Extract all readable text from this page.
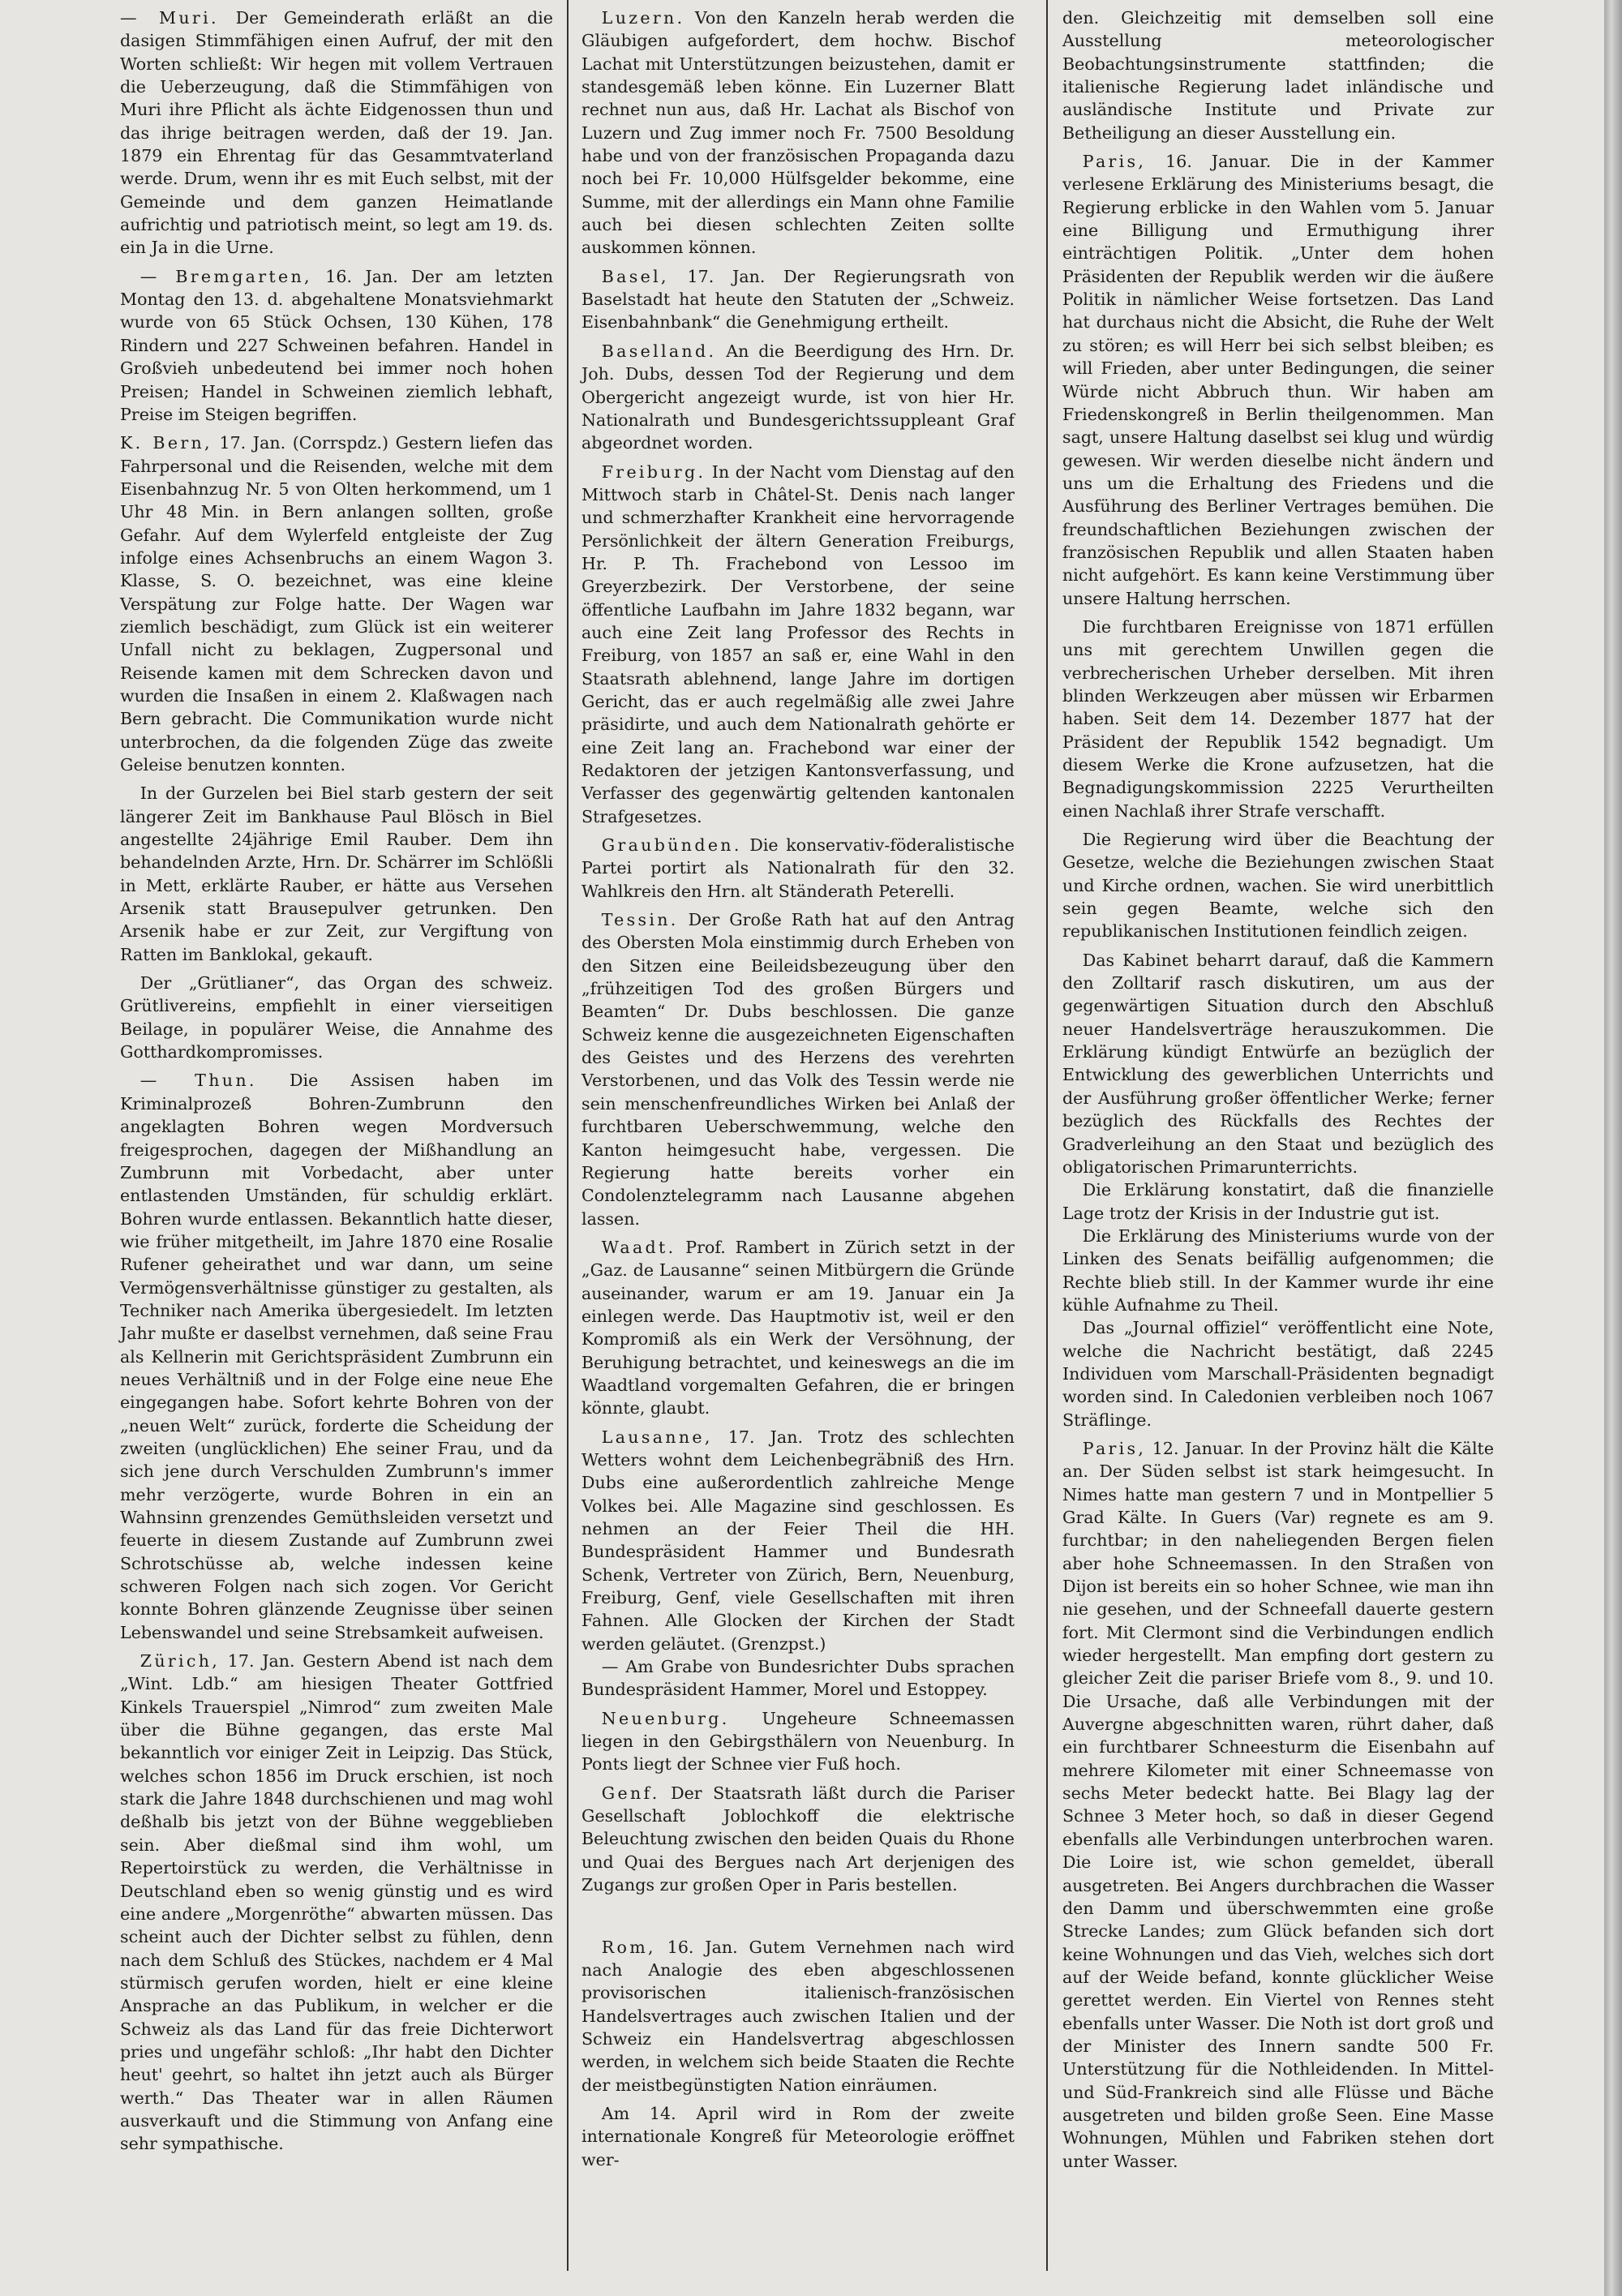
— Muri. Der Gemeinderath erläßt an die dasigen Stimmfähigen einen Aufruf, der mit den Worten schließt: Wir hegen mit vollem Vertrauen die Ueberzeugung, daß die Stimmfähigen von Muri ihre Pflicht als ächte Eidgenossen thun und das ihrige beitragen werden, daß der 19. Jan. 1879 ein Ehrentag für das Gesammtvaterland werde. Drum, wenn ihr es mit Euch selbst, mit der Gemeinde und dem ganzen Heimatlande aufrichtig und patriotisch meint, so legt am 19. ds. ein Ja in die Urne.

— Bremgarten, 16. Jan. Der am letzten Montag den 13. d. abgehaltene Monatsviehmarkt wurde von 65 Stück Ochsen, 130 Kühen, 178 Rindern und 227 Schweinen befahren. Handel in Großvieh unbedeutend bei immer noch hohen Preisen; Handel in Schweinen ziemlich lebhaft, Preise im Steigen begriffen.

K. Bern, 17. Jan. (Corrspdz.) Gestern liefen das Fahrpersonal und die Reisenden, welche mit dem Eisenbahnzug Nr. 5 von Olten herkommend, um 1 Uhr 48 Min. in Bern anlangen sollten, große Gefahr. Auf dem Wylerfeld entgleiste der Zug infolge eines Achsenbruchs an einem Wagon 3. Klasse, S. O. bezeichnet, was eine kleine Verspätung zur Folge hatte. Der Wagen war ziemlich beschädigt, zum Glück ist ein weiterer Unfall nicht zu beklagen, Zugpersonal und Reisende kamen mit dem Schrecken davon und wurden die Insaßen in einem 2. Klaßwagen nach Bern gebracht. Die Communikation wurde nicht unterbrochen, da die folgenden Züge das zweite Geleise benutzen konnten.

In der Gurzelen bei Biel starb gestern der seit längerer Zeit im Bankhause Paul Blösch in Biel angestellte 24jährige Emil Rauber. Dem ihn behandelnden Arzte, Hrn. Dr. Schärrer im Schlößli in Mett, erklärte Rauber, er hätte aus Versehen Arsenik statt Brausepulver getrunken. Den Arsenik habe er zur Zeit, zur Vergiftung von Ratten im Banklokal, gekauft.

Der „Grütlianer“, das Organ des schweiz. Grütlivereins, empfiehlt in einer vierseitigen Beilage, in populärer Weise, die Annahme des Gotthardkompromisses.

— Thun. Die Assisen haben im Kriminalprozeß Bohren-Zumbrunn den angeklagten Bohren wegen Mordversuch freigesprochen, dagegen der Mißhandlung an Zumbrunn mit Vorbedacht, aber unter entlastenden Umständen, für schuldig erklärt. Bohren wurde entlassen. Bekanntlich hatte dieser, wie früher mitgetheilt, im Jahre 1870 eine Rosalie Rufener geheirathet und war dann, um seine Vermögensverhältnisse günstiger zu gestalten, als Techniker nach Amerika übergesiedelt. Im letzten Jahr mußte er daselbst vernehmen, daß seine Frau als Kellnerin mit Gerichtspräsident Zumbrunn ein neues Verhältniß und in der Folge eine neue Ehe eingegangen habe. Sofort kehrte Bohren von der „neuen Welt“ zurück, forderte die Scheidung der zweiten (unglücklichen) Ehe seiner Frau, und da sich jene durch Verschulden Zumbrunn's immer mehr verzögerte, wurde Bohren in ein an Wahnsinn grenzendes Gemüthsleiden versetzt und feuerte in diesem Zustande auf Zumbrunn zwei Schrotschüsse ab, welche indessen keine schweren Folgen nach sich zogen. Vor Gericht konnte Bohren glänzende Zeugnisse über seinen Lebenswandel und seine Strebsamkeit aufweisen.

Zürich, 17. Jan. Gestern Abend ist nach dem „Wint. Ldb.“ am hiesigen Theater Gottfried Kinkels Trauerspiel „Nimrod“ zum zweiten Male über die Bühne gegangen, das erste Mal bekanntlich vor einiger Zeit in Leipzig. Das Stück, welches schon 1856 im Druck erschien, ist noch stark die Jahre 1848 durchschienen und mag wohl deßhalb bis jetzt von der Bühne weggeblieben sein. Aber dießmal sind ihm wohl, um Repertoirstück zu werden, die Verhältnisse in Deutschland eben so wenig günstig und es wird eine andere „Morgenröthe“ abwarten müssen. Das scheint auch der Dichter selbst zu fühlen, denn nach dem Schluß des Stückes, nachdem er 4 Mal stürmisch gerufen worden, hielt er eine kleine Ansprache an das Publikum, in welcher er die Schweiz als das Land für das freie Dichterwort pries und ungefähr schloß: „Ihr habt den Dichter heut' geehrt, so haltet ihn jetzt auch als Bürger werth.“ Das Theater war in allen Räumen ausverkauft und die Stimmung von Anfang eine sehr sympathische.

Luzern. Von den Kanzeln herab werden die Gläubigen aufgefordert, dem hochw. Bischof Lachat mit Unterstützungen beizustehen, damit er standesgemäß leben könne. Ein Luzerner Blatt rechnet nun aus, daß Hr. Lachat als Bischof von Luzern und Zug immer noch Fr. 7500 Besoldung habe und von der französischen Propaganda dazu noch bei Fr. 10,000 Hülfsgelder bekomme, eine Summe, mit der allerdings ein Mann ohne Familie auch bei diesen schlechten Zeiten sollte auskommen können.

Basel, 17. Jan. Der Regierungsrath von Baselstadt hat heute den Statuten der „Schweiz. Eisenbahnbank“ die Genehmigung ertheilt.

Baselland. An die Beerdigung des Hrn. Dr. Joh. Dubs, dessen Tod der Regierung und dem Obergericht angezeigt wurde, ist von hier Hr. Nationalrath und Bundesgerichtssuppleant Graf abgeordnet worden.

Freiburg. In der Nacht vom Dienstag auf den Mittwoch starb in Châtel-St. Denis nach langer und schmerzhafter Krankheit eine hervorragende Persönlichkeit der ältern Generation Freiburgs, Hr. P. Th. Frachebond von Lessoo im Greyerzbezirk. Der Verstorbene, der seine öffentliche Laufbahn im Jahre 1832 begann, war auch eine Zeit lang Professor des Rechts in Freiburg, von 1857 an saß er, eine Wahl in den Staatsrath ablehnend, lange Jahre im dortigen Gericht, das er auch regelmäßig alle zwei Jahre präsidirte, und auch dem Nationalrath gehörte er eine Zeit lang an. Frachebond war einer der Redaktoren der jetzigen Kantonsverfassung, und Verfasser des gegenwärtig geltenden kantonalen Strafgesetzes.

Graubünden. Die konservativ-föderalistische Partei portirt als Nationalrath für den 32. Wahlkreis den Hrn. alt Ständerath Peterelli.

Tessin. Der Große Rath hat auf den Antrag des Obersten Mola einstimmig durch Erheben von den Sitzen eine Beileidsbezeugung über den „frühzeitigen Tod des großen Bürgers und Beamten“ Dr. Dubs beschlossen. Die ganze Schweiz kenne die ausgezeichneten Eigenschaften des Geistes und des Herzens des verehrten Verstorbenen, und das Volk des Tessin werde nie sein menschenfreundliches Wirken bei Anlaß der furchtbaren Ueberschwemmung, welche den Kanton heimgesucht habe, vergessen. Die Regierung hatte bereits vorher ein Condolenztelegramm nach Lausanne abgehen lassen.

Waadt. Prof. Rambert in Zürich setzt in der „Gaz. de Lausanne“ seinen Mitbürgern die Gründe auseinander, warum er am 19. Januar ein Ja einlegen werde. Das Hauptmotiv ist, weil er den Kompromiß als ein Werk der Versöhnung, der Beruhigung betrachtet, und keineswegs an die im Waadtland vorgemalten Gefahren, die er bringen könnte, glaubt.

Lausanne, 17. Jan. Trotz des schlechten Wetters wohnt dem Leichenbegräbniß des Hrn. Dubs eine außerordentlich zahlreiche Menge Volkes bei. Alle Magazine sind geschlossen. Es nehmen an der Feier Theil die HH. Bundespräsident Hammer und Bundesrath Schenk, Vertreter von Zürich, Bern, Neuenburg, Freiburg, Genf, viele Gesellschaften mit ihren Fahnen. Alle Glocken der Kirchen der Stadt werden geläutet. (Grenzpst.)

— Am Grabe von Bundesrichter Dubs sprachen Bundespräsident Hammer, Morel und Estoppey.

Neuenburg. Ungeheure Schneemassen liegen in den Gebirgsthälern von Neuenburg. In Ponts liegt der Schnee vier Fuß hoch.

Genf. Der Staatsrath läßt durch die Pariser Gesellschaft Joblochkoff die elektrische Beleuchtung zwischen den beiden Quais du Rhone und Quai des Bergues nach Art derjenigen des Zugangs zur großen Oper in Paris bestellen.

Rom, 16. Jan. Gutem Vernehmen nach wird nach Analogie des eben abgeschlossenen provisorischen italienisch-französischen Handelsvertrages auch zwischen Italien und der Schweiz ein Handelsvertrag abgeschlossen werden, in welchem sich beide Staaten die Rechte der meistbegünstigten Nation einräumen.

Am 14. April wird in Rom der zweite internationale Kongreß für Meteorologie eröffnet wer-

den. Gleichzeitig mit demselben soll eine Ausstellung meteorologischer Beobachtungsinstrumente stattfinden; die italienische Regierung ladet inländische und ausländische Institute und Private zur Betheiligung an dieser Ausstellung ein.

Paris, 16. Januar. Die in der Kammer verlesene Erklärung des Ministeriums besagt, die Regierung erblicke in den Wahlen vom 5. Januar eine Billigung und Ermuthigung ihrer einträchtigen Politik. „Unter dem hohen Präsidenten der Republik werden wir die äußere Politik in nämlicher Weise fortsetzen. Das Land hat durchaus nicht die Absicht, die Ruhe der Welt zu stören; es will Herr bei sich selbst bleiben; es will Frieden, aber unter Bedingungen, die seiner Würde nicht Abbruch thun. Wir haben am Friedenskongreß in Berlin theilgenommen. Man sagt, unsere Haltung daselbst sei klug und würdig gewesen. Wir werden dieselbe nicht ändern und uns um die Erhaltung des Friedens und die Ausführung des Berliner Vertrages bemühen. Die freundschaftlichen Beziehungen zwischen der französischen Republik und allen Staaten haben nicht aufgehört. Es kann keine Verstimmung über unsere Haltung herrschen.

Die furchtbaren Ereignisse von 1871 erfüllen uns mit gerechtem Unwillen gegen die verbrecherischen Urheber derselben. Mit ihren blinden Werkzeugen aber müssen wir Erbarmen haben. Seit dem 14. Dezember 1877 hat der Präsident der Republik 1542 begnadigt. Um diesem Werke die Krone aufzusetzen, hat die Begnadigungskommission 2225 Verurtheilten einen Nachlaß ihrer Strafe verschafft.

Die Regierung wird über die Beachtung der Gesetze, welche die Beziehungen zwischen Staat und Kirche ordnen, wachen. Sie wird unerbittlich sein gegen Beamte, welche sich den republikanischen Institutionen feindlich zeigen.

Das Kabinet beharrt darauf, daß die Kammern den Zolltarif rasch diskutiren, um aus der gegenwärtigen Situation durch den Abschluß neuer Handelsverträge herauszukommen. Die Erklärung kündigt Entwürfe an bezüglich der Entwicklung des gewerblichen Unterrichts und der Ausführung großer öffentlicher Werke; ferner bezüglich des Rückfalls des Rechtes der Gradverleihung an den Staat und bezüglich des obligatorischen Primarunterrichts.

Die Erklärung konstatirt, daß die finanzielle Lage trotz der Krisis in der Industrie gut ist.

Die Erklärung des Ministeriums wurde von der Linken des Senats beifällig aufgenommen; die Rechte blieb still. In der Kammer wurde ihr eine kühle Aufnahme zu Theil.

Das „Journal offiziel“ veröffentlicht eine Note, welche die Nachricht bestätigt, daß 2245 Individuen vom Marschall-Präsidenten begnadigt worden sind. In Caledonien verbleiben noch 1067 Sträflinge.

Paris, 12. Januar. In der Provinz hält die Kälte an. Der Süden selbst ist stark heimgesucht. In Nimes hatte man gestern 7 und in Montpellier 5 Grad Kälte. In Guers (Var) regnete es am 9. furchtbar; in den naheliegenden Bergen fielen aber hohe Schneemassen. In den Straßen von Dijon ist bereits ein so hoher Schnee, wie man ihn nie gesehen, und der Schneefall dauerte gestern fort. Mit Clermont sind die Verbindungen endlich wieder hergestellt. Man empfing dort gestern zu gleicher Zeit die pariser Briefe vom 8., 9. und 10. Die Ursache, daß alle Verbindungen mit der Auvergne abgeschnitten waren, rührt daher, daß ein furchtbarer Schneesturm die Eisenbahn auf mehrere Kilometer mit einer Schneemasse von sechs Meter bedeckt hatte. Bei Blagy lag der Schnee 3 Meter hoch, so daß in dieser Gegend ebenfalls alle Verbindungen unterbrochen waren. Die Loire ist, wie schon gemeldet, überall ausgetreten. Bei Angers durchbrachen die Wasser den Damm und überschwemmten eine große Strecke Landes; zum Glück befanden sich dort keine Wohnungen und das Vieh, welches sich dort auf der Weide befand, konnte glücklicher Weise gerettet werden. Ein Viertel von Rennes steht ebenfalls unter Wasser. Die Noth ist dort groß und der Minister des Innern sandte 500 Fr. Unterstützung für die Nothleidenden. In Mittel- und Süd-Frankreich sind alle Flüsse und Bäche ausgetreten und bilden große Seen. Eine Masse Wohnungen, Mühlen und Fabriken stehen dort unter Wasser.
